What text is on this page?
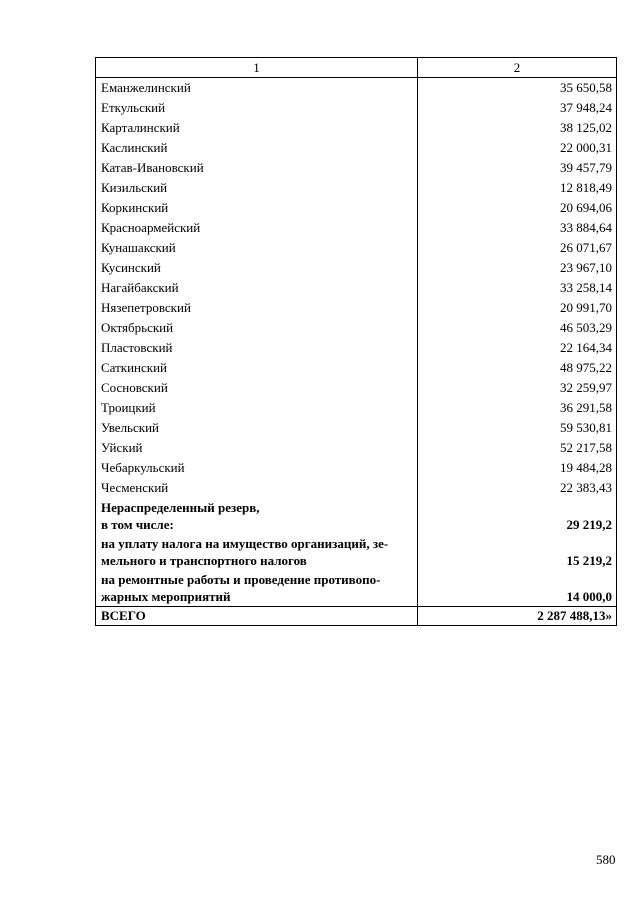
1	2
Еманжелинский	35 650,58
Еткульский	37 948,24
Карталинский	38 125,02
Каслинский	22 000,31
Катав-Ивановский	39 457,79
Кизильский	12 818,49
Коркинский	20 694,06
Красноармейский	33 884,64
Кунашакский	26 071,67
Кусинский	23 967,10
Нагайбакский	33 258,14
Нязепетровский	20 991,70
Октябрьский	46 503,29
Пластовский	22 164,34
Саткинский	48 975,22
Сосновский	32 259,97
Троицкий	36 291,58
Увельский	59 530,81
Уйский	52 217,58
Чебаркульский	19 484,28
Чесменский	22 383,43

Нераспределенный резерв,
в том числе:	29 219,2

на уплату налога на имущество организаций, зе-
мельного и транспортного налогов	15 219,2

на ремонтные работы и проведение противопо-
жарных мероприятий	14 000,0
ВСЕГО	2 287 488,13»
580
